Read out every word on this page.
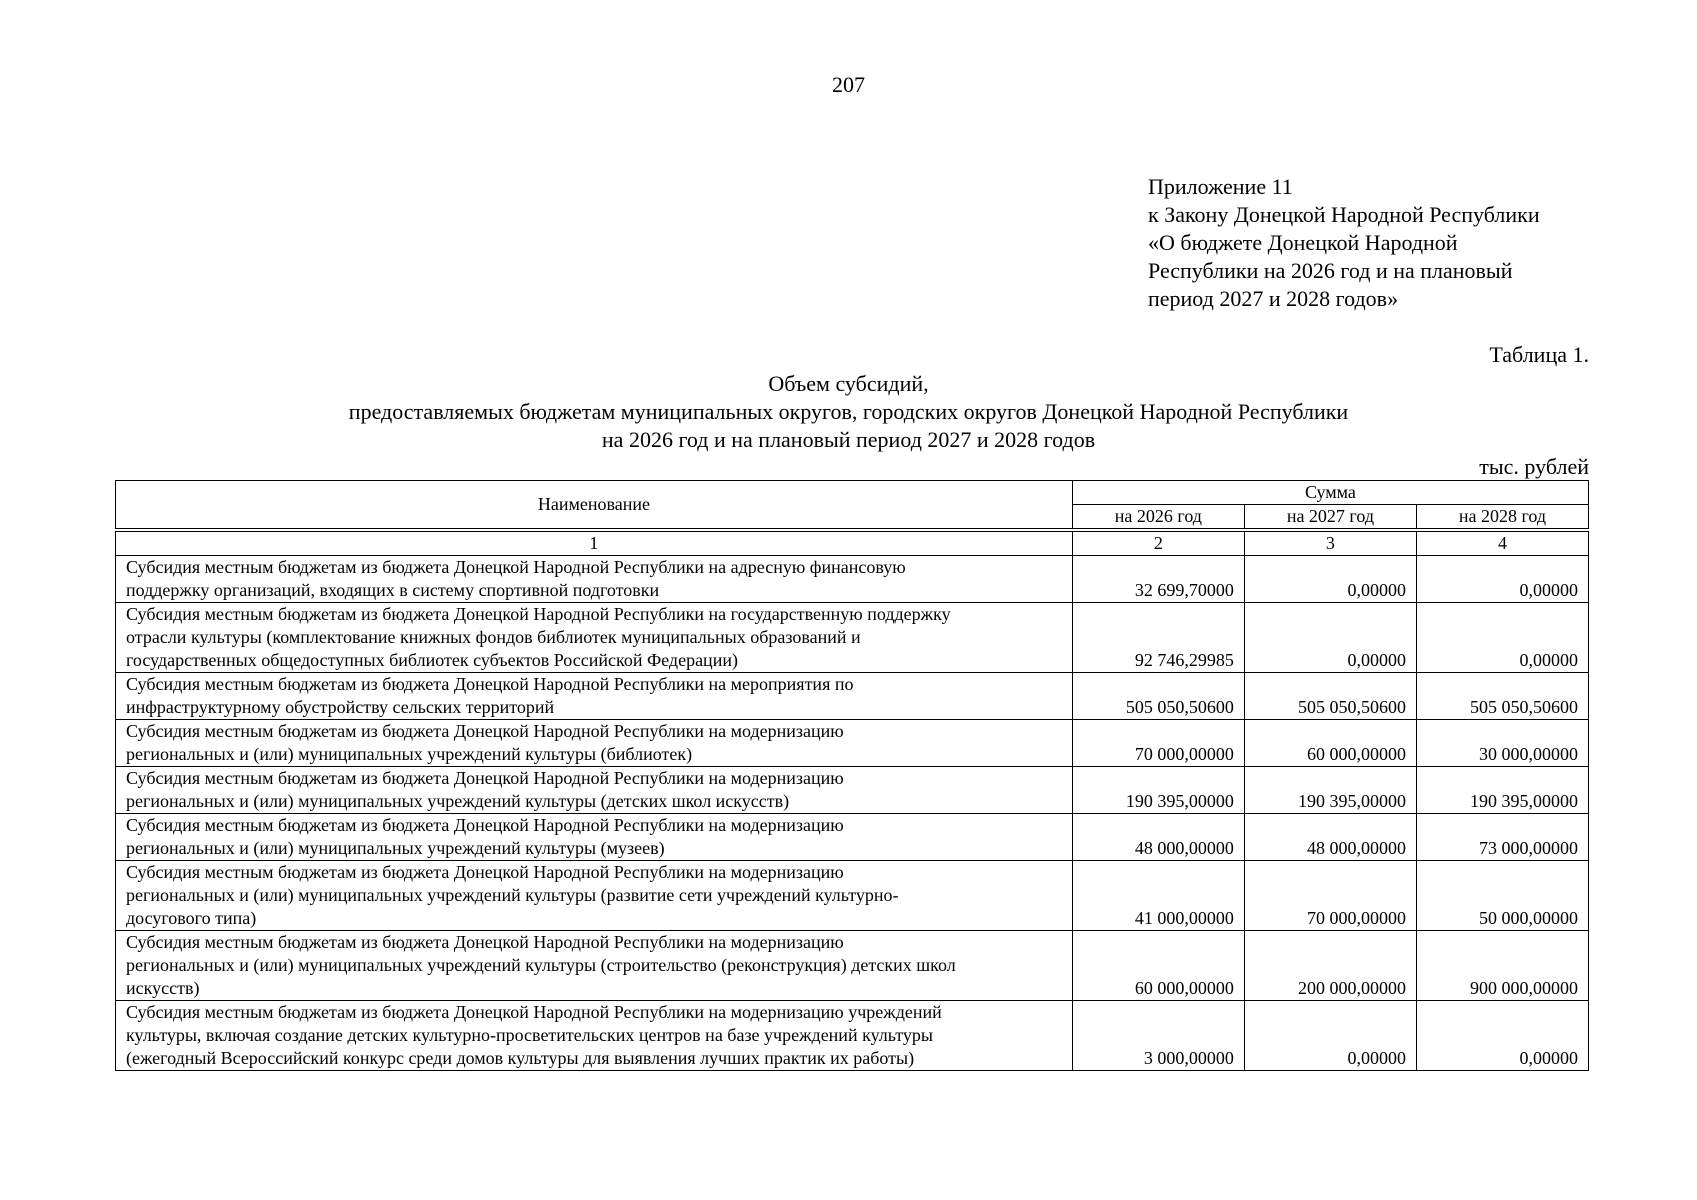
207
Приложение 11
к Закону Донецкой Народной Республики
«О бюджете Донецкой Народной
Республики на 2026 год и на плановый
период 2027 и 2028 годов»
Таблица 1.
Объем субсидий,
предоставляемых бюджетам муниципальных округов, городских округов Донецкой Народной Республики
на 2026 год и на плановый период 2027 и 2028 годов
тыс. рублей
Наименование	Сумма		
	на 2026 год	на 2027 год	на 2028 год

1	2	3	4

Субсидия местным бюджетам из бюджета Донецкой Народной Республики на адресную финансовую
поддержку организаций, входящих в систему спортивной подготовки	32 699,70000	0,00000	0,00000

Субсидия местным бюджетам из бюджета Донецкой Народной Республики на государственную поддержку
отрасли культуры (комплектование книжных фондов библиотек муниципальных образований и
государственных общедоступных библиотек субъектов Российской Федерации)	92 746,29985	0,00000	0,00000

Субсидия местным бюджетам из бюджета Донецкой Народной Республики на мероприятия по
инфраструктурному обустройству сельских территорий	505 050,50600	505 050,50600	505 050,50600

Субсидия местным бюджетам из бюджета Донецкой Народной Республики на модернизацию
региональных и (или) муниципальных учреждений культуры (библиотек)	70 000,00000	60 000,00000	30 000,00000

Субсидия местным бюджетам из бюджета Донецкой Народной Республики на модернизацию
региональных и (или) муниципальных учреждений культуры (детских школ искусств)	190 395,00000	190 395,00000	190 395,00000

Субсидия местным бюджетам из бюджета Донецкой Народной Республики на модернизацию
региональных и (или) муниципальных учреждений культуры (музеев)	48 000,00000	48 000,00000	73 000,00000

Субсидия местным бюджетам из бюджета Донецкой Народной Республики на модернизацию
региональных и (или) муниципальных учреждений культуры (развитие сети учреждений культурно-
досугового типа)	41 000,00000	70 000,00000	50 000,00000

Субсидия местным бюджетам из бюджета Донецкой Народной Республики на модернизацию
региональных и (или) муниципальных учреждений культуры (строительство (реконструкция) детских школ
искусств)	60 000,00000	200 000,00000	900 000,00000

Субсидия местным бюджетам из бюджета Донецкой Народной Республики на модернизацию учреждений
культуры, включая создание детских культурно-просветительских центров на базе учреждений культуры
(ежегодный Всероссийский конкурс среди домов культуры для выявления лучших практик их работы)	3 000,00000	0,00000	0,00000
